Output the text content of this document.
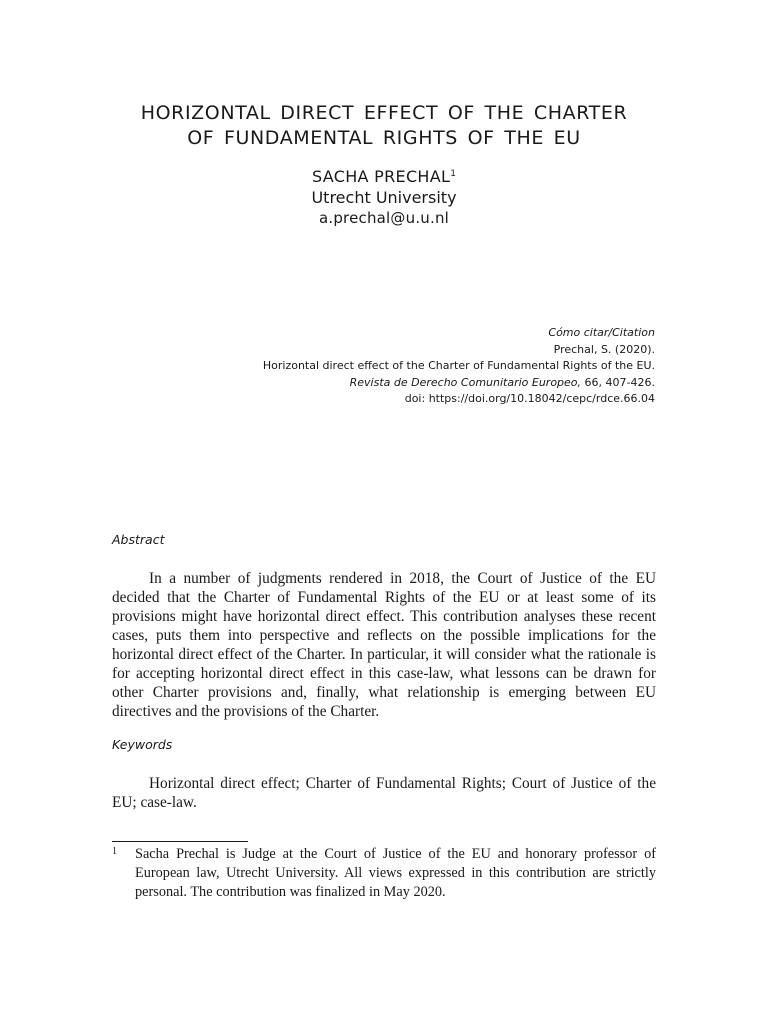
HORIZONTAL DIRECT EFFECT OF THE CHARTER
OF FUNDAMENTAL RIGHTS OF THE EU
SACHA PRECHAL$^1$
Utrecht University
a.prechal@u.u.nl
Cómo citar/Citation
Prechal, S. (2020).
Horizontal direct effect of the Charter of Fundamental Rights of the EU.
Revista de Derecho Comunitario Europeo, 66, 407-426.
doi: https://doi.org/10.18042/cepc/rdce.66.04
Abstract

In a number of judgments rendered in 2018, the Court of Justice of the EU decided that the Charter of Fundamental Rights of the EU or at least some of its provisions might have horizontal direct effect. This contribution analyses these recent cases, puts them into perspective and reflects on the possible implications for the horizontal direct effect of the Charter. In particular, it will consider what the rationale is for accepting horizontal direct effect in this case-law, what lessons can be drawn for other Charter provisions and, finally, what relationship is emerging between EU directives and the provisions of the Charter.

Keywords

Horizontal direct effect; Charter of Fundamental Rights; Court of Justice of the EU; case-law.

1 Sacha Prechal is Judge at the Court of Justice of the EU and honorary professor of European law, Utrecht University. All views expressed in this contribution are strictly personal. The contribution was finalized in May 2020.
